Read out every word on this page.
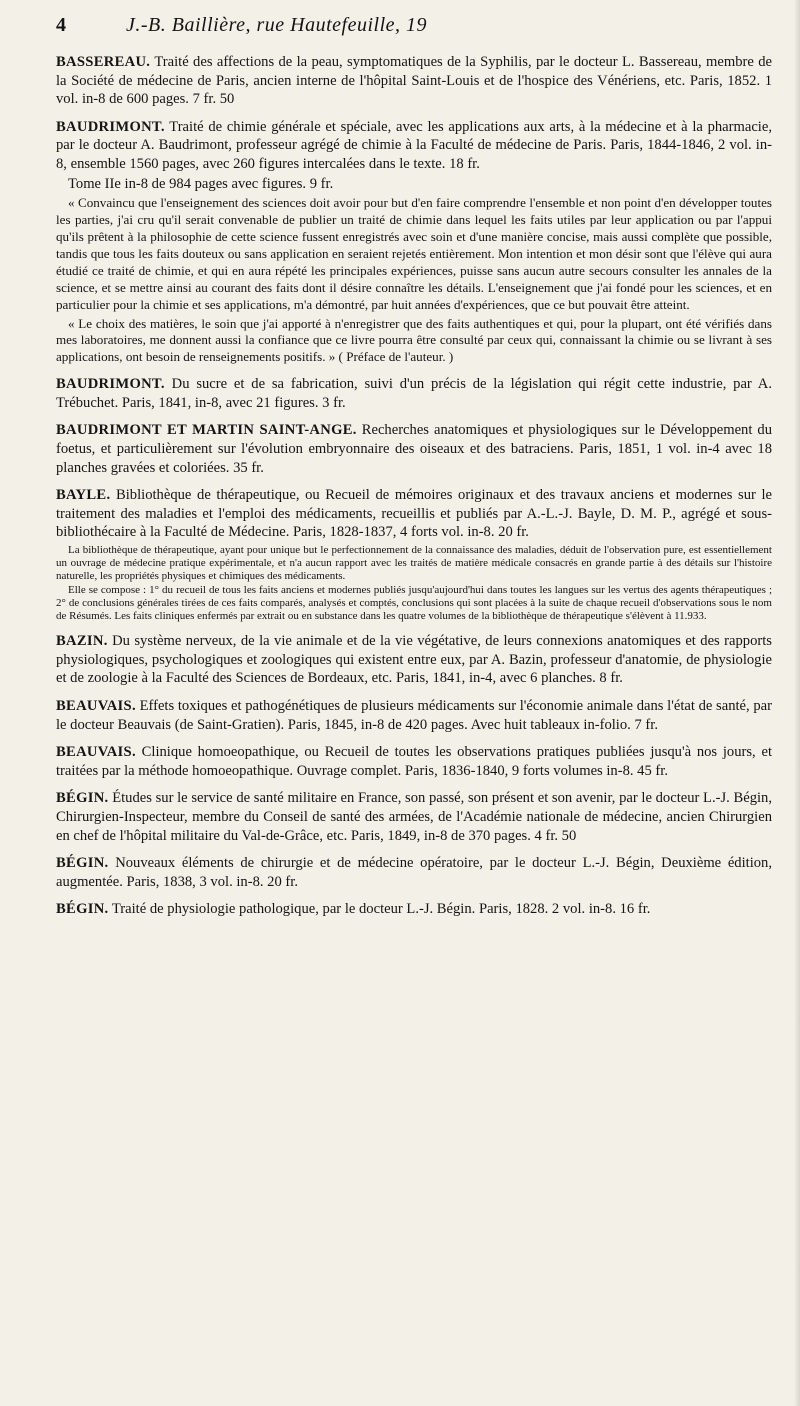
4	J.-B. Baillière, rue Hautefeuille, 19

BASSEREAU. Traité des affections de la peau, symptomatiques de la Syphilis, par le docteur L. Bassereau, membre de la Société de médecine de Paris, ancien interne de l'hôpital Saint-Louis et de l'hospice des Vénériens, etc. Paris, 1852. 1 vol. in-8 de 600 pages. 7 fr. 50

BAUDRIMONT. Traité de chimie générale et spéciale, avec les applications aux arts, à la médecine et à la pharmacie, par le docteur A. Baudrimont, professeur agrégé de chimie à la Faculté de médecine de Paris. Paris, 1844-1846, 2 vol. in-8, ensemble 1560 pages, avec 260 figures intercalées dans le texte. 18 fr.

Tome IIe in-8 de 984 pages avec figures. 9 fr.

« Convaincu que l'enseignement des sciences doit avoir pour but d'en faire comprendre l'ensemble et non point d'en développer toutes les parties, j'ai cru qu'il serait convenable de publier un traité de chimie dans lequel les faits utiles par leur application ou par l'appui qu'ils prêtent à la philosophie de cette science fussent enregistrés avec soin et d'une manière concise, mais aussi complète que possible, tandis que tous les faits douteux ou sans application en seraient rejetés entièrement. Mon intention et mon désir sont que l'élève qui aura étudié ce traité de chimie, et qui en aura répété les principales expériences, puisse sans aucun autre secours consulter les annales de la science, et se mettre ainsi au courant des faits dont il désire connaître les détails. L'enseignement que j'ai fondé pour les sciences, et en particulier pour la chimie et ses applications, m'a démontré, par huit années d'expériences, que ce but pouvait être atteint.

« Le choix des matières, le soin que j'ai apporté à n'enregistrer que des faits authentiques et qui, pour la plupart, ont été vérifiés dans mes laboratoires, me donnent aussi la confiance que ce livre pourra être consulté par ceux qui, connaissant la chimie ou se livrant à ses applications, ont besoin de renseignements positifs. » ( Préface de l'auteur. )

BAUDRIMONT. Du sucre et de sa fabrication, suivi d'un précis de la législation qui régit cette industrie, par A. Trébuchet. Paris, 1841, in-8, avec 21 figures. 3 fr.

BAUDRIMONT ET MARTIN SAINT-ANGE. Recherches anatomiques et physiologiques sur le Développement du foetus, et particulièrement sur l'évolution embryonnaire des oiseaux et des batraciens. Paris, 1851, 1 vol. in-4 avec 18 planches gravées et coloriées. 35 fr.

BAYLE. Bibliothèque de thérapeutique, ou Recueil de mémoires originaux et des travaux anciens et modernes sur le traitement des maladies et l'emploi des médicaments, recueillis et publiés par A.-L.-J. Bayle, D. M. P., agrégé et sous-bibliothécaire à la Faculté de Médecine. Paris, 1828-1837, 4 forts vol. in-8. 20 fr.

La bibliothèque de thérapeutique, ayant pour unique but le perfectionnement de la connaissance des maladies, déduit de l'observation pure, est essentiellement un ouvrage de médecine pratique expérimentale, et n'a aucun rapport avec les traités de matière médicale consacrés en grande partie à des détails sur l'histoire naturelle, les propriétés physiques et chimiques des médicaments.

Elle se compose : 1° du recueil de tous les faits anciens et modernes publiés jusqu'aujourd'hui dans toutes les langues sur les vertus des agents thérapeutiques ; 2° de conclusions générales tirées de ces faits comparés, analysés et comptés, conclusions qui sont placées à la suite de chaque recueil d'observations sous le nom de Résumés. Les faits cliniques enfermés par extrait ou en substance dans les quatre volumes de la bibliothèque de thérapeutique s'élèvent à 11.933.

BAZIN. Du système nerveux, de la vie animale et de la vie végétative, de leurs connexions anatomiques et des rapports physiologiques, psychologiques et zoologiques qui existent entre eux, par A. Bazin, professeur d'anatomie, de physiologie et de zoologie à la Faculté des Sciences de Bordeaux, etc. Paris, 1841, in-4, avec 6 planches. 8 fr.

BEAUVAIS. Effets toxiques et pathogénétiques de plusieurs médicaments sur l'économie animale dans l'état de santé, par le docteur Beauvais (de Saint-Gratien). Paris, 1845, in-8 de 420 pages. Avec huit tableaux in-folio. 7 fr.

BEAUVAIS. Clinique homoeopathique, ou Recueil de toutes les observations pratiques publiées jusqu'à nos jours, et traitées par la méthode homoeopathique. Ouvrage complet. Paris, 1836-1840, 9 forts volumes in-8. 45 fr.

BÉGIN. Études sur le service de santé militaire en France, son passé, son présent et son avenir, par le docteur L.-J. Bégin, Chirurgien-Inspecteur, membre du Conseil de santé des armées, de l'Académie nationale de médecine, ancien Chirurgien en chef de l'hôpital militaire du Val-de-Grâce, etc. Paris, 1849, in-8 de 370 pages. 4 fr. 50

BÉGIN. Nouveaux éléments de chirurgie et de médecine opératoire, par le docteur L.-J. Bégin, Deuxième édition, augmentée. Paris, 1838, 3 vol. in-8. 20 fr.

BÉGIN. Traité de physiologie pathologique, par le docteur L.-J. Bégin. Paris, 1828. 2 vol. in-8. 16 fr.
